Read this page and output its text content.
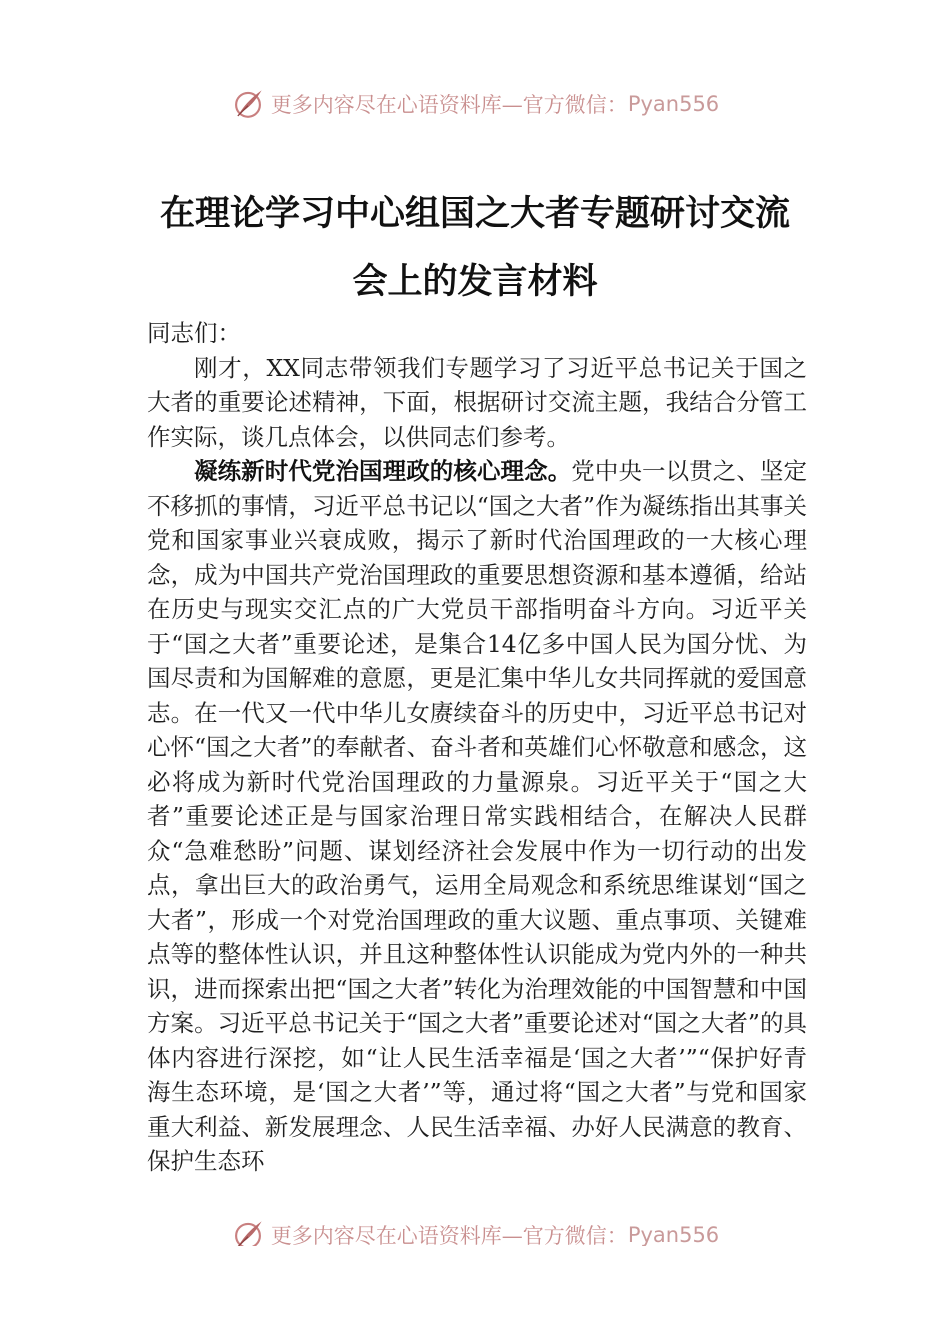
更多内容尽在心语资料库—官方微信： Pyan556
在理论学习中心组国之大者专题研讨交流
会上的发言材料

同志们：

刚才，XX同志带领我们专题学习了习近平总书记关于国之大者的重要论述精神，下面，根据研讨交流主题，我结合分管工作实际，谈几点体会，以供同志们参考。

凝练新时代党治国理政的核心理念。党中央一以贯之、坚定不移抓的事情，习近平总书记以“国之大者”作为凝练指出其事关党和国家事业兴衰成败，揭示了新时代治国理政的一大核心理念，成为中国共产党治国理政的重要思想资源和基本遵循，给站在历史与现实交汇点的广大党员干部指明奋斗方向。习近平关于“国之大者”重要论述，是集合14亿多中国人民为国分忧、为国尽责和为国解难的意愿，更是汇集中华儿女共同挥就的爱国意志。在一代又一代中华儿女赓续奋斗的历史中，习近平总书记对心怀“国之大者”的奉献者、奋斗者和英雄们心怀敬意和感念，这必将成为新时代党治国理政的力量源泉。习近平关于“国之大者”重要论述正是与国家治理日常实践相结合，在解决人民群众“急难愁盼”问题、谋划经济社会发展中作为一切行动的出发点，拿出巨大的政治勇气，运用全局观念和系统思维谋划“国之大者”，形成一个对党治国理政的重大议题、重点事项、关键难点等的整体性认识，并且这种整体性认识能成为党内外的一种共识，进而探索出把“国之大者”转化为治理效能的中国智慧和中国方案。习近平总书记关于“国之大者”重要论述对“国之大者”的具体内容进行深挖，如“让人民生活幸福是‘国之大者’”“保护好青海生态环境，是‘国之大者’”等，通过将“国之大者”与党和国家重大利益、新发展理念、人民生活幸福、办好人民满意的教育、保护生态环

更多内容尽在心语资料库—官方微信： Pyan556
